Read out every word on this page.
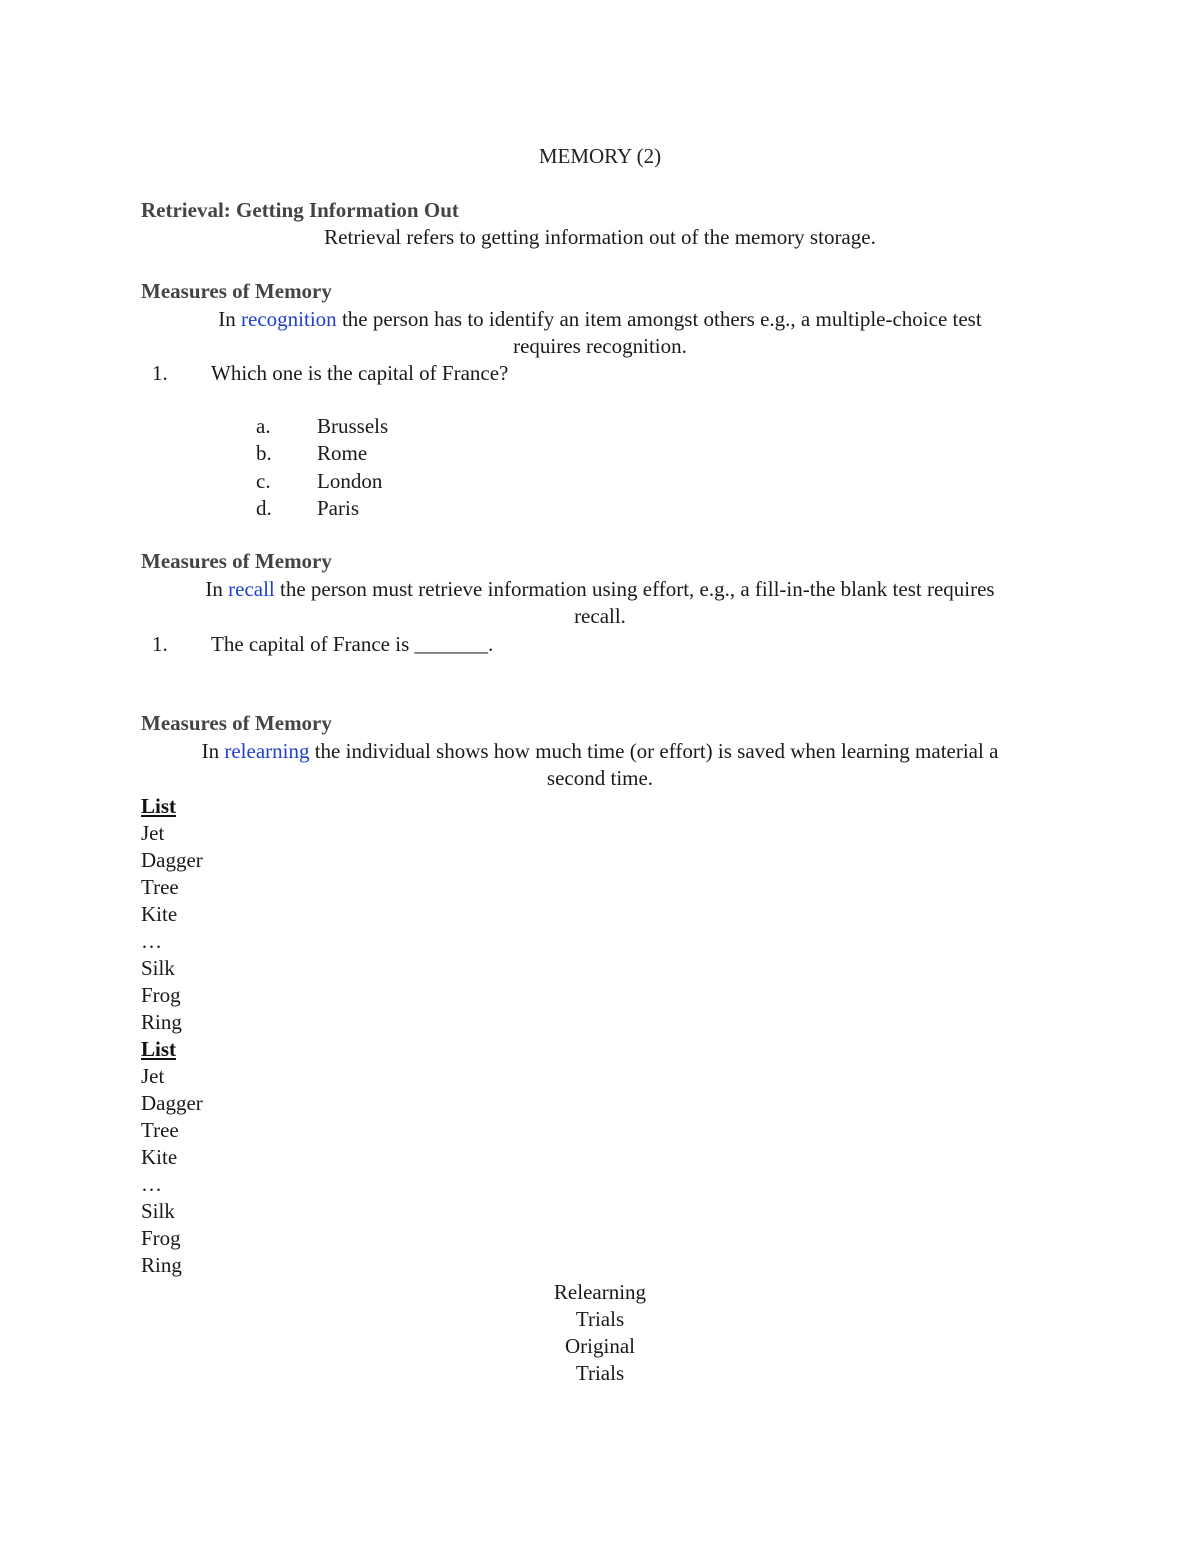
MEMORY (2)
Retrieval: Getting Information Out
Retrieval refers to getting information out of the memory storage.
Measures of Memory
In recognition the person has to identify an item amongst others e.g., a multiple-choice test
requires recognition.
1. Which one is the capital of France?
a. Brussels
b. Rome
c. London
d. Paris
Measures of Memory
In recall the person must retrieve information using effort, e.g., a fill-in-the blank test requires
recall.
1. The capital of France is _______.
Measures of Memory
In relearning the individual shows how much time (or effort) is saved when learning material a
second time.
List
Jet
Dagger
Tree
Kite
…
Silk
Frog
Ring
List
Jet
Dagger
Tree
Kite
…
Silk
Frog
Ring
Relearning
Trials
Original
Trials
